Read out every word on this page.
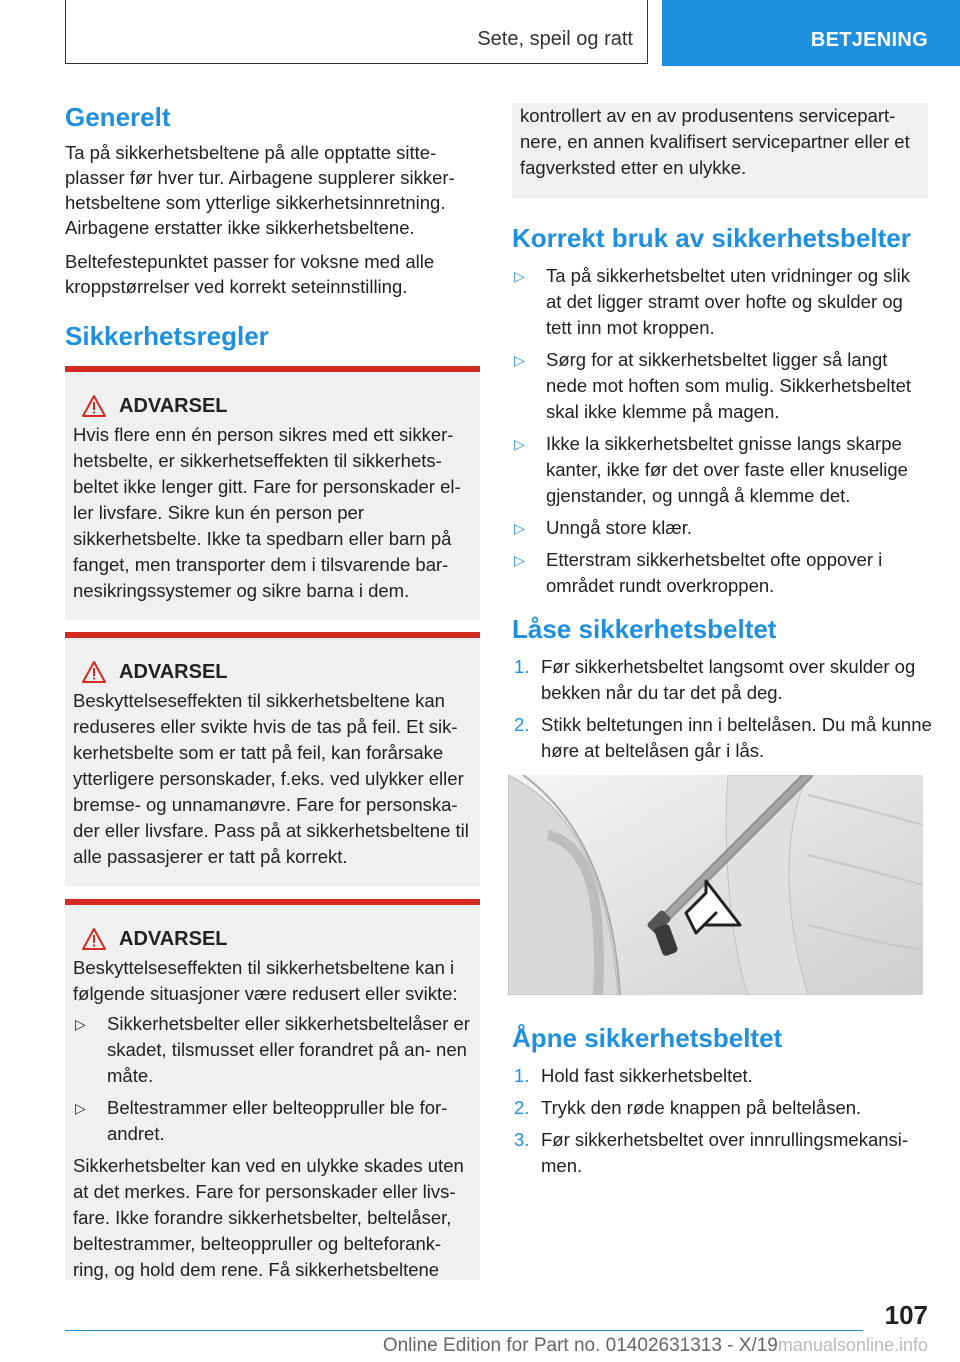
Sete, speil og ratt	BETJENING
Generelt

Ta på sikkerhetsbeltene på alle opptatte sitte- plasser før hver tur. Airbagene supplerer sikker- hetsbeltene som ytterlige sikkerhetsinnretning. Airbagene erstatter ikke sikkerhetsbeltene.

Beltefestepunktet passer for voksne med alle kroppstørrelser ved korrekt seteinnstilling.

Sikkerhetsregler
ADVARSEL

Hvis flere enn én person sikres med ett sikker- hetsbelte, er sikkerhetseffekten til sikkerhets- beltet ikke lenger gitt. Fare for personskader el- ler livsfare. Sikre kun én person per sikkerhetsbelte. Ikke ta spedbarn eller barn på fanget, men transporter dem i tilsvarende bar- nesikringssystemer og sikre barna i dem.

ADVARSEL

Beskyttelseseffekten til sikkerhetsbeltene kan reduseres eller svikte hvis de tas på feil. Et sik- kerhetsbelte som er tatt på feil, kan forårsake ytterligere personskader, f.eks. ved ulykker eller bremse- og unnamanøvre. Fare for personska- der eller livsfare. Pass på at sikkerhetsbeltene til alle passasjerer er tatt på korrekt.

ADVARSEL

Beskyttelseseffekten til sikkerhetsbeltene kan i følgende situasjoner være redusert eller svikte:

▷	Sikkerhetsbelter eller sikkerhetsbeltelåser er skadet, tilsmusset eller forandret på an- nen måte.
▷	Beltestrammer eller belteoppruller ble for- andret.

Sikkerhetsbelter kan ved en ulykke skades uten at det merkes. Fare for personskader eller livs- fare. Ikke forandre sikkerhetsbelter, beltelåser, beltestrammer, belteoppruller og belteforank- ring, og hold dem rene. Få sikkerhetsbeltene

kontrollert av en av produsentens servicepart- nere, en annen kvalifisert servicepartner eller et fagverksted etter en ulykke.

Korrekt bruk av sikkerhetsbelter
▷	Ta på sikkerhetsbeltet uten vridninger og slik at det ligger stramt over hofte og skulder og tett inn mot kroppen.
▷	Sørg for at sikkerhetsbeltet ligger så langt nede mot hoften som mulig. Sikkerhetsbeltet skal ikke klemme på magen.
▷	Ikke la sikkerhetsbeltet gnisse langs skarpe kanter, ikke før det over faste eller knuselige gjenstander, og unngå å klemme det.
▷	Unngå store klær.
▷	Etterstram sikkerhetsbeltet ofte oppover i området rundt overkroppen.
Låse sikkerhetsbeltet
1. Før sikkerhetsbeltet langsomt over skulder og bekken når du tar det på deg.
2. Stikk beltetungen inn i beltelåsen. Du må kunne høre at beltelåsen går i lås.
Åpne sikkerhetsbeltet
1. Hold fast sikkerhetsbeltet.
2. Trykk den røde knappen på beltelåsen.
3. Før sikkerhetsbeltet over innrullingsmekansi- men.
107
Online Edition for Part no. 01402631313 - X/19manualsonline.info
